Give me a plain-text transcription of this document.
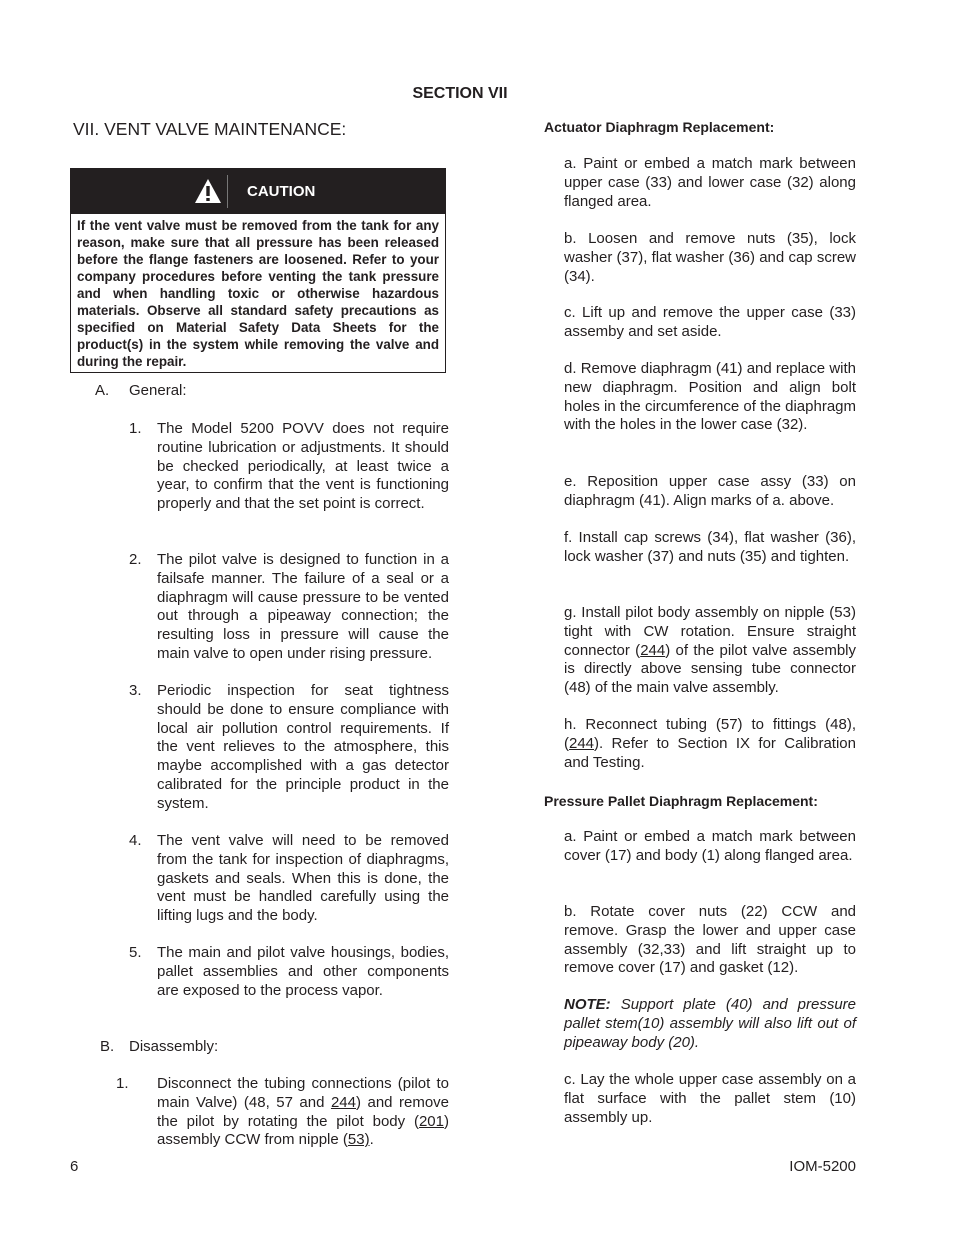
SECTION VII
VII. VENT VALVE MAINTENANCE:
CAUTION
If the vent valve must be removed from the tank for any reason, make sure that all pressure has been released before the flange fasteners are loosened. Refer to your company procedures before venting the tank pressure and when handling toxic or otherwise hazardous materials. Observe all standard safety precautions as specified on Material Safety Data Sheets for the product(s) in the system while removing the valve and during the repair.
A. General:
1. The Model 5200 POVV does not require routine lubrication or adjustments. It should be checked periodically, at least twice a year, to confirm that the vent is functioning properly and that the set point is correct.
2. The pilot valve is designed to function in a failsafe manner. The failure of a seal or a diaphragm will cause pressure to be vented out through a pipeaway connection; the resulting loss in pressure will cause the main valve to open under rising pressure.
3. Periodic inspection for seat tightness should be done to ensure compliance with local air pollution control requirements. If the vent relieves to the atmosphere, this maybe accomplished with a gas detector calibrated for the principle product in the system.
4. The vent valve will need to be removed from the tank for inspection of diaphragms, gaskets and seals. When this is done, the vent must be handled carefully using the lifting lugs and the body.
5. The main and pilot valve housings, bodies, pallet assemblies and other components are exposed to the process vapor.
B. Disassembly:
1. Disconnect the tubing connections (pilot to main Valve) (48, 57 and 244) and remove the pilot by rotating the pilot body (201) assembly CCW from nipple (53).
Actuator Diaphragm Replacement:
a. Paint or embed a match mark between upper case (33) and lower case (32) along flanged area.
b. Loosen and remove nuts (35), lock washer (37), flat washer (36) and cap screw (34).
c. Lift up and remove the upper case (33) assemby and set aside.
d. Remove diaphragm (41) and replace with new diaphragm. Position and align bolt holes in the circumference of the diaphragm with the holes in the lower case (32).
e. Reposition upper case assy (33) on diaphragm (41). Align marks of a. above.
f. Install cap screws (34), flat washer (36), lock washer (37) and nuts (35) and tighten.
g. Install pilot body assembly on nipple (53) tight with CW rotation. Ensure straight connector (244) of the pilot valve assembly is directly above sensing tube connector (48) of the main valve assembly.
h. Reconnect tubing (57) to fittings (48),(244). Refer to Section IX for Calibration and Testing.
Pressure Pallet Diaphragm Replacement:
a. Paint or embed a match mark between cover (17) and body (1) along flanged area.
b. Rotate cover nuts (22) CCW and remove. Grasp the lower and upper case assembly (32,33) and lift straight up to remove cover (17) and gasket (12).
NOTE: Support plate (40) and pressure pallet stem(10) assembly will also lift out of pipeaway body (20).
c. Lay the whole upper case assembly on a flat surface with the pallet stem (10) assembly up.
6	IOM-5200
